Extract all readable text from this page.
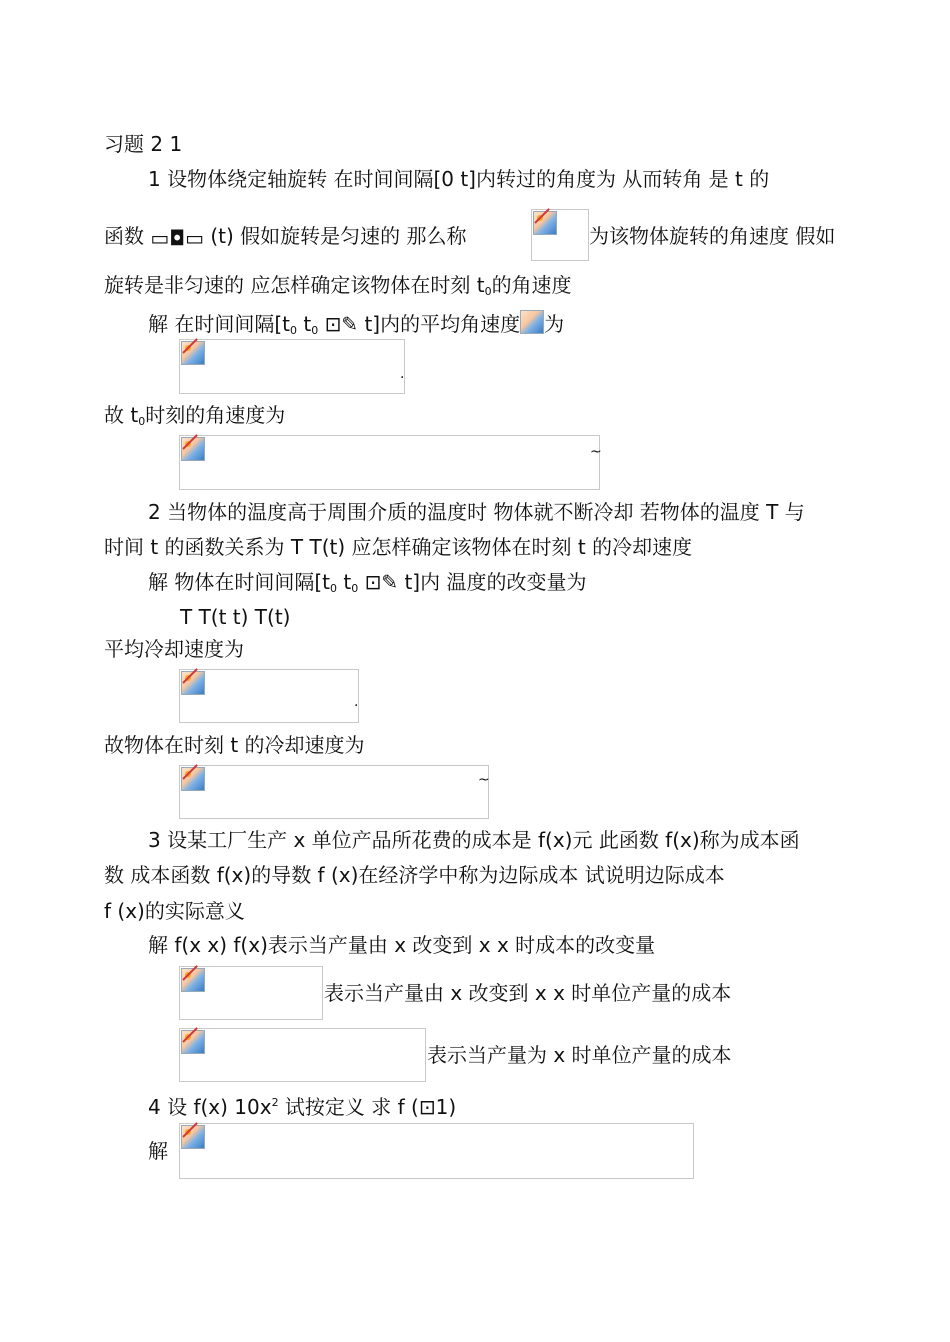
习题 2 1
1 设物体绕定轴旋转 在时间间隔[0 t]内转过的角度为 从而转角 是 t 的
函数 ▭◘▭ (t) 假如旋转是匀速的 那么称	为该物体旋转的角速度 假如
旋转是非匀速的 应怎样确定该物体在时刻 $t_0$的角速度
解 在时间间隔[$t_0$ $t_0$ ⊡✎ t]内的平均角速度 为
.
故 $t_0$时刻的角速度为
~
2 当物体的温度高于周围介质的温度时 物体就不断冷却 若物体的温度 T 与
时间 t 的函数关系为 T T(t) 应怎样确定该物体在时刻 t 的冷却速度
解 物体在时间间隔[$t_0$ $t_0$ ⊡✎ t]内 温度的改变量为
T T(t t) T(t)
平均冷却速度为
.
故物体在时刻 t 的冷却速度为
~
3 设某工厂生产 x 单位产品所花费的成本是 f(x)元 此函数 f(x)称为成本函
数 成本函数 f(x)的导数 f (x)在经济学中称为边际成本 试说明边际成本
f (x)的实际意义
解 f(x x) f(x)表示当产量由 x 改变到 x x 时成本的改变量
表示当产量由 x 改变到 x x 时单位产量的成本
表示当产量为 x 时单位产量的成本
4 设 f(x) $10x^2$ 试按定义 求 f (⊡1)
解
